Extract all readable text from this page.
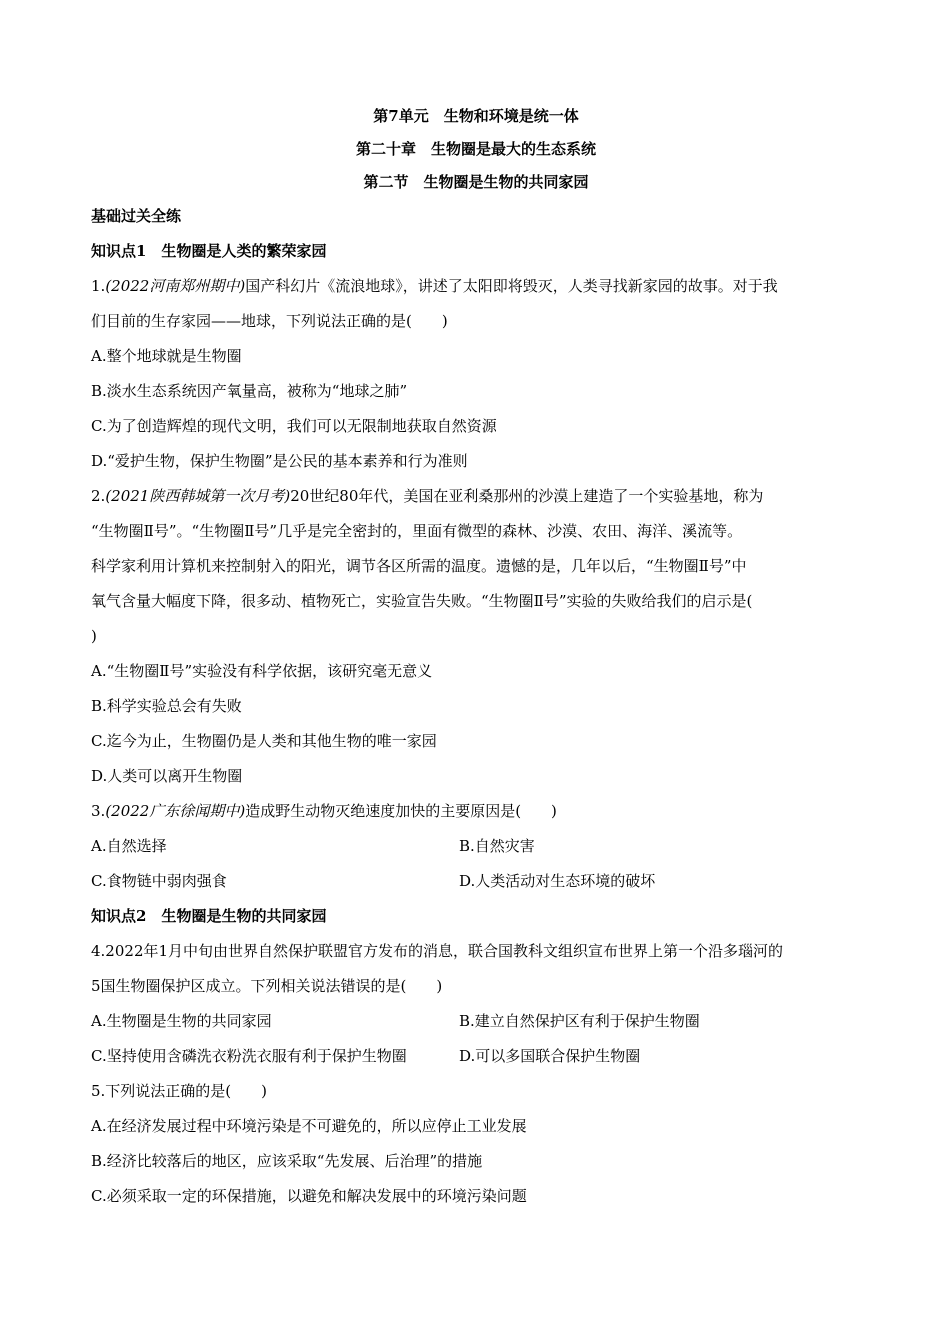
第7单元　生物和环境是统一体
第二十章　生物圈是最大的生态系统
第二节　生物圈是生物的共同家园
基础过关全练
知识点1　生物圈是人类的繁荣家园
1.(2022河南郑州期中)国产科幻片《流浪地球》，讲述了太阳即将毁灭，人类寻找新家园的故事。对于我
们目前的生存家园——地球，下列说法正确的是(　　)
A.整个地球就是生物圈
B.淡水生态系统因产氧量高，被称为“地球之肺”
C.为了创造辉煌的现代文明，我们可以无限制地获取自然资源
D.“爱护生物，保护生物圈”是公民的基本素养和行为准则
2.(2021陕西韩城第一次月考)20世纪80年代，美国在亚利桑那州的沙漠上建造了一个实验基地，称为
“生物圈Ⅱ号”。“生物圈Ⅱ号”几乎是完全密封的，里面有微型的森林、沙漠、农田、海洋、溪流等。
科学家利用计算机来控制射入的阳光，调节各区所需的温度。遗憾的是，几年以后，“生物圈Ⅱ号”中
氧气含量大幅度下降，很多动、植物死亡，实验宣告失败。“生物圈Ⅱ号”实验的失败给我们的启示是(
)
A.“生物圈Ⅱ号”实验没有科学依据，该研究毫无意义
B.科学实验总会有失败
C.迄今为止，生物圈仍是人类和其他生物的唯一家园
D.人类可以离开生物圈
3.(2022广东徐闻期中)造成野生动物灭绝速度加快的主要原因是(　　)
A.自然选择	B.自然灾害
C.食物链中弱肉强食	D.人类活动对生态环境的破坏
知识点2　生物圈是生物的共同家园
4.2022年1月中旬由世界自然保护联盟官方发布的消息，联合国教科文组织宣布世界上第一个沿多瑙河的
5国生物圈保护区成立。下列相关说法错误的是(　　)
A.生物圈是生物的共同家园	B.建立自然保护区有利于保护生物圈
C.坚持使用含磷洗衣粉洗衣服有利于保护生物圈	D.可以多国联合保护生物圈
5.下列说法正确的是(　　)
A.在经济发展过程中环境污染是不可避免的，所以应停止工业发展
B.经济比较落后的地区，应该采取“先发展、后治理”的措施
C.必须采取一定的环保措施，以避免和解决发展中的环境污染问题
